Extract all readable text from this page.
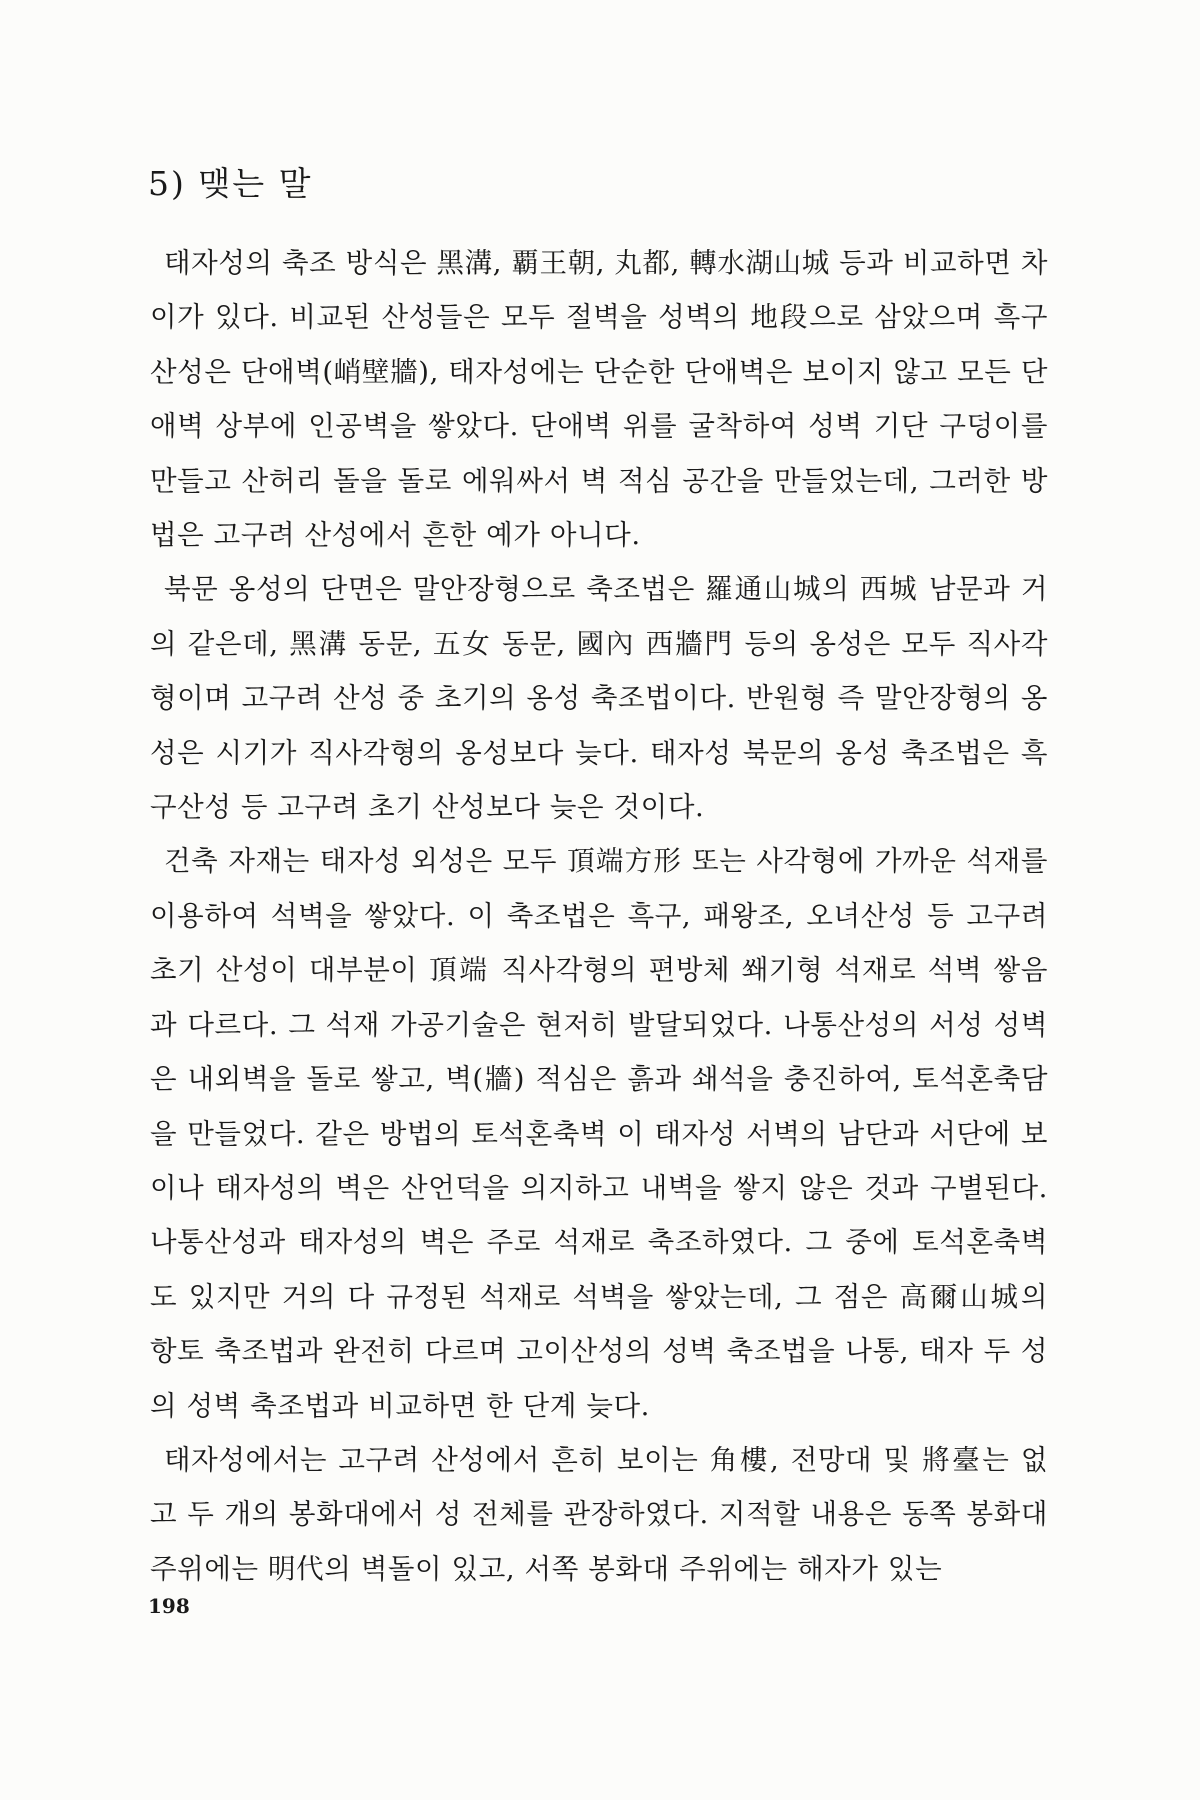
5) 맺는 말

태자성의 축조 방식은 黑溝, 覇王朝, 丸都, 轉水湖山城 등과 비교하면 차이가 있다. 비교된 산성들은 모두 절벽을 성벽의 地段으로 삼았으며 흑구산성은 단애벽(峭壁牆), 태자성에는 단순한 단애벽은 보이지 않고 모든 단애벽 상부에 인공벽을 쌓았다. 단애벽 위를 굴착하여 성벽 기단 구덩이를 만들고 산허리 돌을 돌로 에워싸서 벽 적심 공간을 만들었는데, 그러한 방법은 고구려 산성에서 흔한 예가 아니다.

북문 옹성의 단면은 말안장형으로 축조법은 羅通山城의 西城 남문과 거의 같은데, 黑溝 동문, 五女 동문, 國內 西牆門 등의 옹성은 모두 직사각형이며 고구려 산성 중 초기의 옹성 축조법이다. 반원형 즉 말안장형의 옹성은 시기가 직사각형의 옹성보다 늦다. 태자성 북문의 옹성 축조법은 흑구산성 등 고구려 초기 산성보다 늦은 것이다.

건축 자재는 태자성 외성은 모두 頂端方形 또는 사각형에 가까운 석재를 이용하여 석벽을 쌓았다. 이 축조법은 흑구, 패왕조, 오녀산성 등 고구려 초기 산성이 대부분이 頂端 직사각형의 편방체 쐐기형 석재로 석벽 쌓음과 다르다. 그 석재 가공기술은 현저히 발달되었다. 나통산성의 서성 성벽은 내외벽을 돌로 쌓고, 벽(牆) 적심은 흙과 쇄석을 충진하여, 토석혼축담을 만들었다. 같은 방법의 토석혼축벽 이 태자성 서벽의 남단과 서단에 보이나 태자성의 벽은 산언덕을 의지하고 내벽을 쌓지 않은 것과 구별된다. 나통산성과 태자성의 벽은 주로 석재로 축조하였다. 그 중에 토석혼축벽도 있지만 거의 다 규정된 석재로 석벽을 쌓았는데, 그 점은 高爾山城의 항토 축조법과 완전히 다르며 고이산성의 성벽 축조법을 나통, 태자 두 성의 성벽 축조법과 비교하면 한 단계 늦다.

태자성에서는 고구려 산성에서 흔히 보이는 角樓, 전망대 및 將臺는 없고 두 개의 봉화대에서 성 전체를 관장하였다. 지적할 내용은 동쪽 봉화대 주위에는 明代의 벽돌이 있고, 서쪽 봉화대 주위에는 해자가 있는

198
